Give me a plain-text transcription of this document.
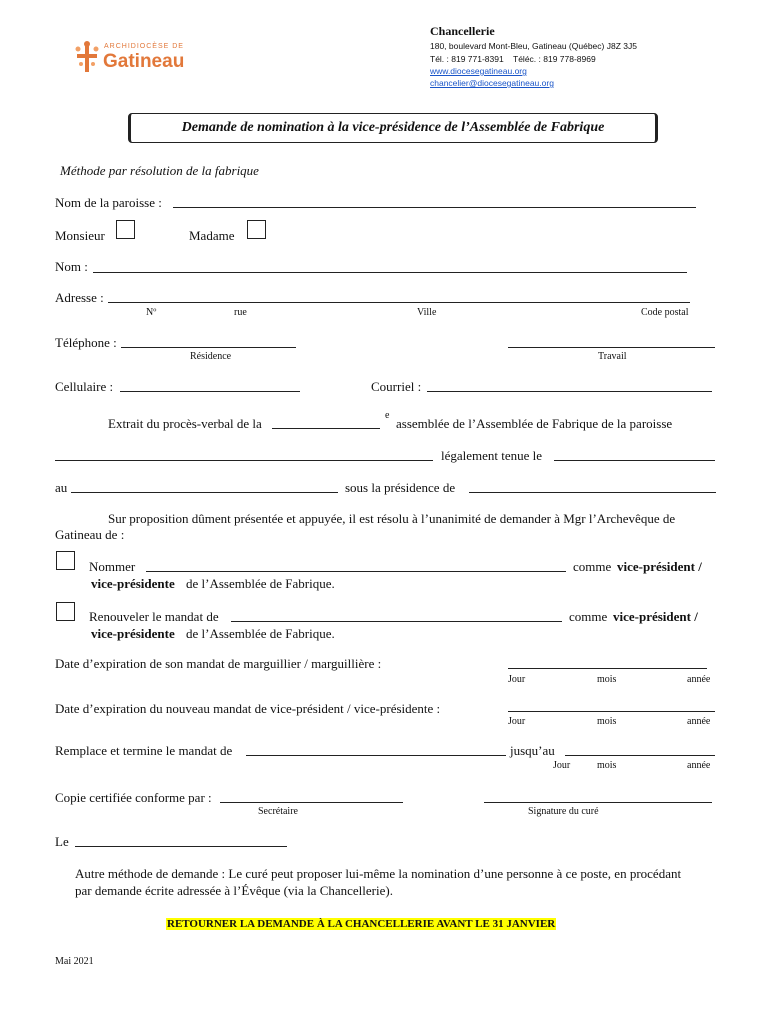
ARCHIDIOCÈSE DE
Gatineau
Chancellerie
180, boulevard Mont-Bleu, Gatineau (Québec) J8Z 3J5
Tél. : 819 771-8391    Téléc. : 819 778-8969
www.diocesegatineau.org
chancelier@diocesegatineau.org
Demande de nomination à la vice-présidence de l’Assemblée de Fabrique
Méthode par résolution de la fabrique
Nom de la paroisse :
Monsieur	Madame
Nom :
Adresse :
Nº	rue	Ville	Code postal
Téléphone :
Résidence	Travail
Cellulaire :	Courriel :
Extrait du procès-verbal de la
e
assemblée de l’Assemblée de Fabrique de la paroisse
légalement tenue le
au	sous la présidence de
Sur proposition dûment présentée et appuyée, il est résolu à l’unanimité de demander à Mgr l’Archevêque de
Gatineau de :
Nommer	comme vice-président /
vice-présidente de l’Assemblée de Fabrique.
Renouveler le mandat de	comme vice-président /
vice-présidente de l’Assemblée de Fabrique.
Date d’expiration de son mandat de marguillier / marguillière :
Jour	mois	année
Date d’expiration du nouveau mandat de vice-président / vice-présidente :
Jour	mois	année
Remplace et termine le mandat de	jusqu’au
Jour	mois	année
Copie certifiée conforme par :
Secrétaire	Signature du curé
Le
Autre méthode de demande : Le curé peut proposer lui-même la nomination d’une personne à ce poste, en procédant
par demande écrite adressée à l’Évêque (via la Chancellerie).
RETOURNER LA DEMANDE À LA CHANCELLERIE AVANT LE 31 JANVIER
Mai 2021
